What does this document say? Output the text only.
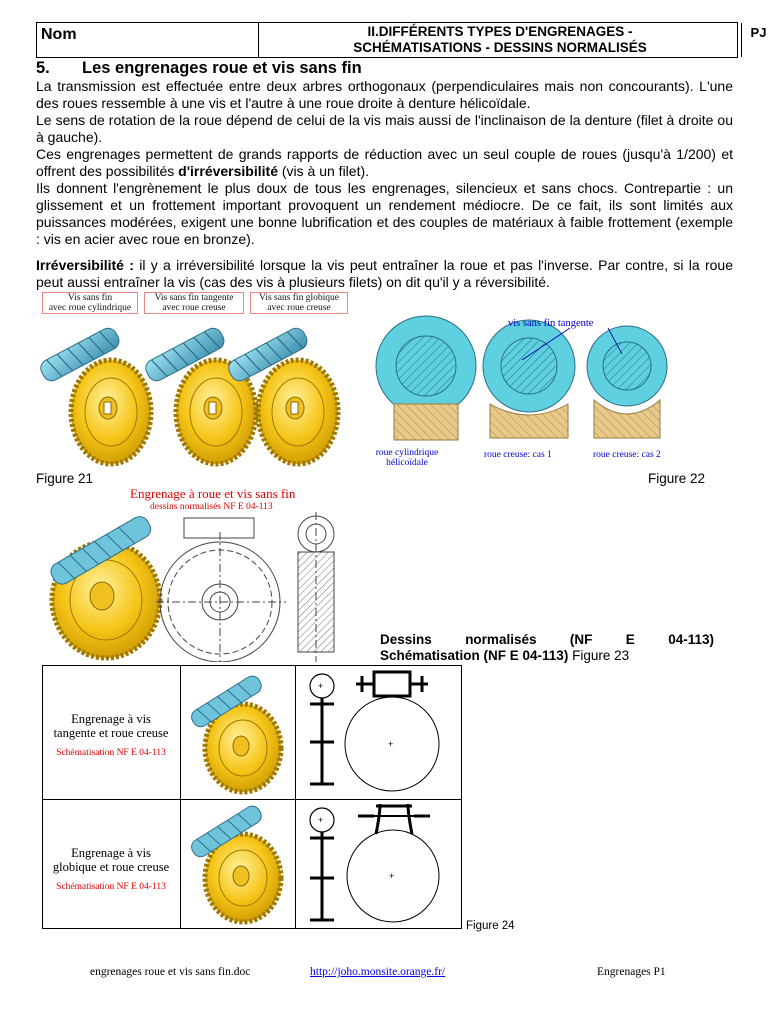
Nom	II.DIFFÉRENTS TYPES D'ENGRENAGES -
SCHÉMATISATIONS - DESSINS NORMALISÉS
PJ
5. Les engrenages roue et vis sans fin
La transmission est effectuée entre deux arbres orthogonaux (perpendiculaires mais non concourants). L'une des roues ressemble à une vis et l'autre à une roue droite à denture hélicoïdale.
Le sens de rotation de la roue dépend de celui de la vis mais aussi de l'inclinaison de la denture (filet à droite ou à gauche).
Ces engrenages permettent de grands rapports de réduction avec un seul couple de roues (jusqu'à 1/200) et offrent des possibilités d'irréversibilité (vis à un filet).
Ils donnent l'engrènement le plus doux de tous les engrenages, silencieux et sans chocs. Contrepartie : un glissement et un frottement important provoquent un rendement médiocre. De ce fait, ils sont limités aux puissances modérées, exigent une bonne lubrification et des couples de matériaux à faible frottement (exemple : vis en acier avec roue en bronze).
Irréversibilité : il y a irréversibilité lorsque la vis peut entraîner la roue et pas l'inverse. Par contre, si la roue peut aussi entraîner la vis (cas des vis à plusieurs filets) on dit qu'il y a réversibilité.
Vis sans fin
avec roue cylindrique
Vis sans fin tangente
avec roue creuse
Vis sans fin globique
avec roue creuse
Figure 21
vis sans fin tangente
roue cylindrique
hélicoïdale
roue creuse: cas 1	roue creuse: cas 2
Figure 22
Engrenage à roue et vis sans fin
dessins normalisés NF E 04-113
Dessins normalisés (NF E 04-113)
Schématisation (NF E 04-113) Figure 23
Engrenage à vis
tangente et roue creuse
Schématisation NF E 04-113
Engrenage à vis
globique et roue creuse
Schématisation NF E 04-113
+
+
+
+
Figure 24
engrenages roue et vis sans fin.doc	http://joho.monsite.orange.fr/	Engrenages P1
